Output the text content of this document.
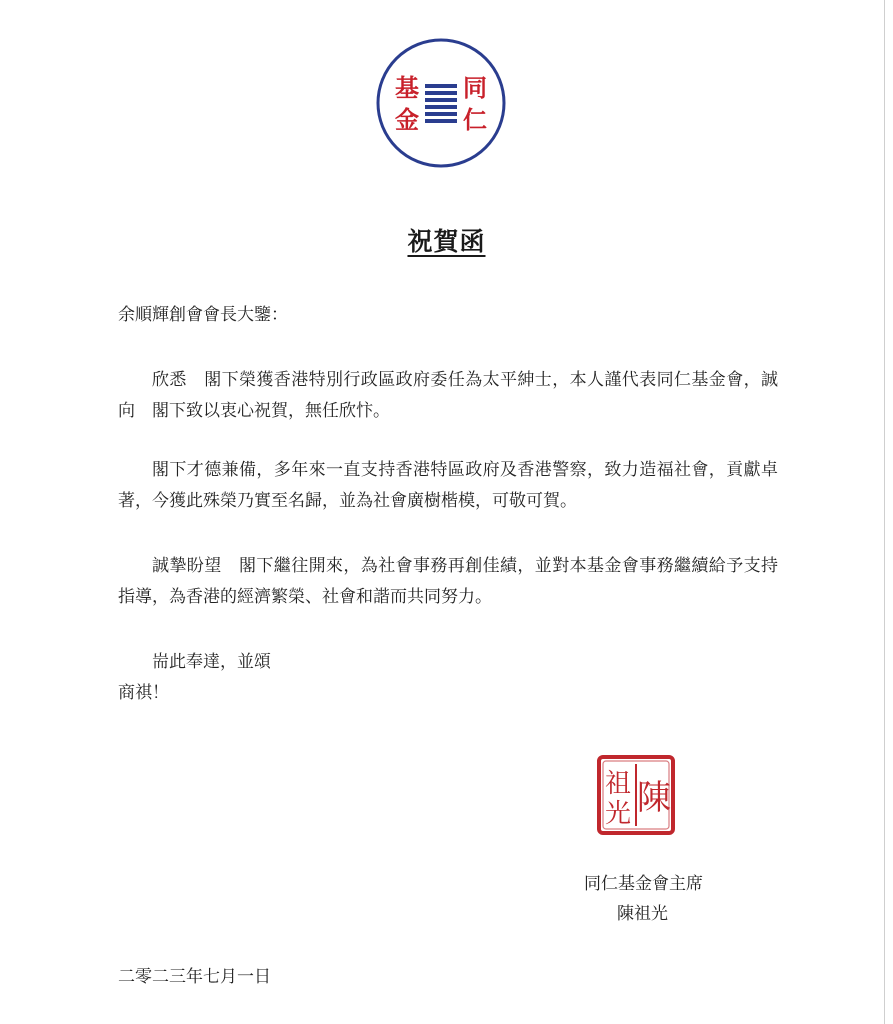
基
金
同
仁
祝賀函
余順輝創會會長大鑒：

欣悉　閣下榮獲香港特別行政區政府委任為太平紳士，本人謹代表同仁基金會，誠向　閣下致以衷心祝賀，無任欣忭。

閣下才德兼備，多年來一直支持香港特區政府及香港警察，致力造福社會，貢獻卓著，今獲此殊榮乃實至名歸，並為社會廣樹楷模，可敬可賀。

誠摯盼望　閣下繼往開來，為社會事務再創佳績，並對本基金會事務繼續給予支持指導，為香港的經濟繁榮、社會和諧而共同努力。

耑此奉達，並頌
商祺！
陳
祖
光
同仁基金會主席
陳祖光
二零二三年七月一日
